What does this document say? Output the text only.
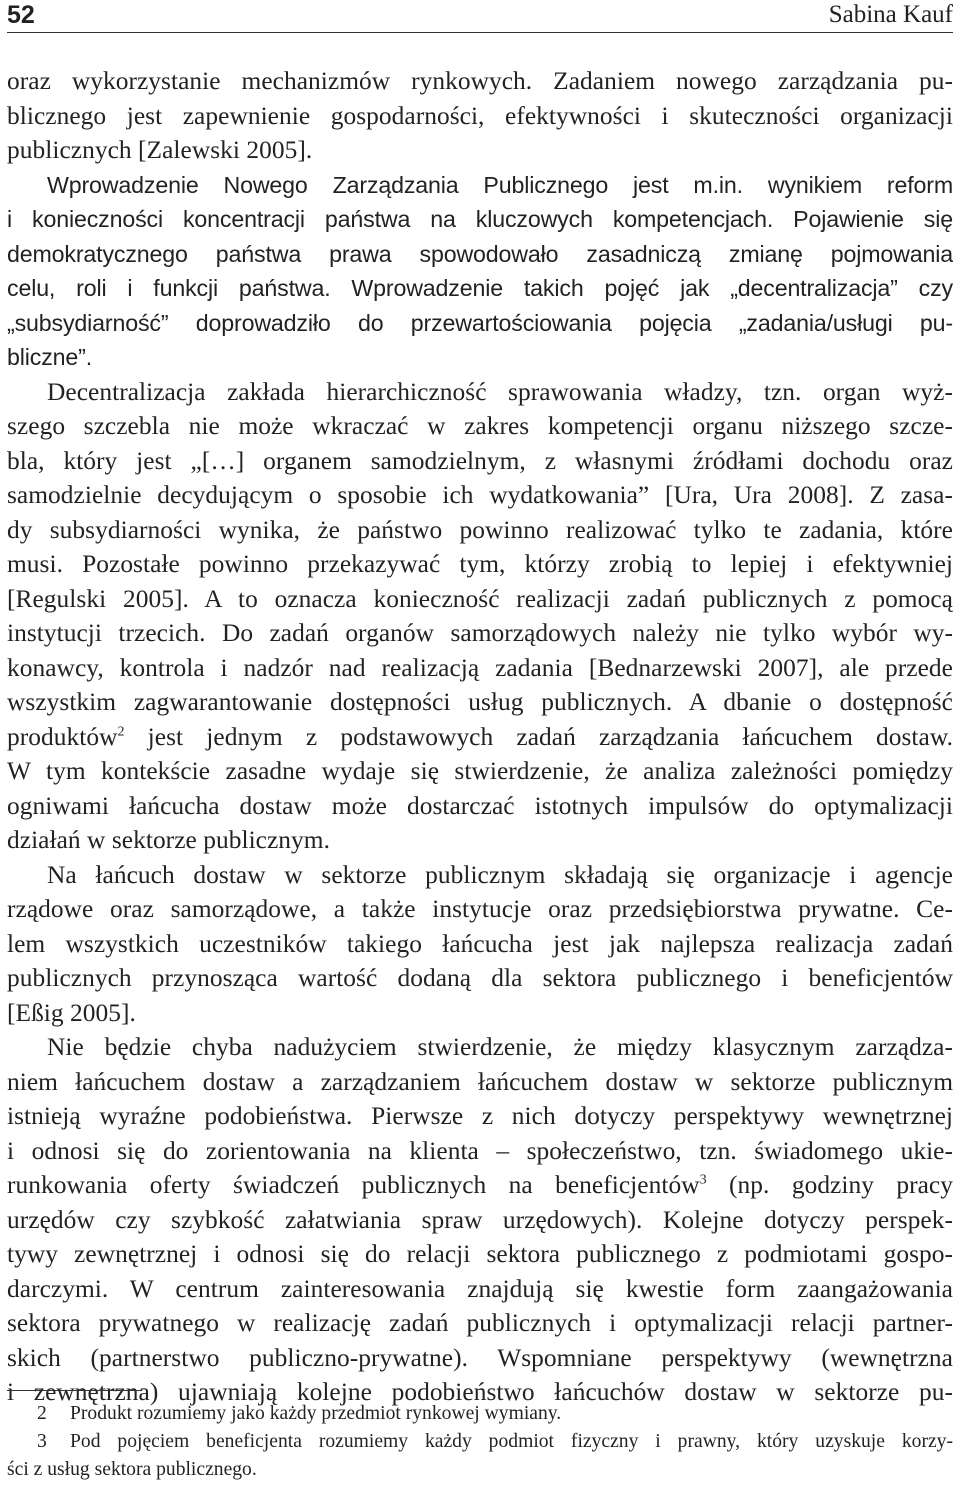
52	Sabina Kauf

oraz wykorzystanie mechanizmów rynkowych. Zadaniem nowego zarządzania pu-

blicznego jest zapewnienie gospodarności, efektywności i skuteczności organizacji

publicznych [Zalewski 2005].

Wprowadzenie Nowego Zarządzania Publicznego jest m.in. wynikiem reform

i konieczności koncentracji państwa na kluczowych kompetencjach. Pojawienie się

demokratycznego państwa prawa spowodowało zasadniczą zmianę pojmowania

celu, roli i funkcji państwa. Wprowadzenie takich pojęć jak „decentralizacja” czy

„subsydiarność” doprowadziło do przewartościowania pojęcia „zadania/usługi pu-

bliczne”.

Decentralizacja zakłada hierarchiczność sprawowania władzy, tzn. organ wyż-

szego szczebla nie może wkraczać w zakres kompetencji organu niższego szcze-

bla, który jest „[…] organem samodzielnym, z własnymi źródłami dochodu oraz

samodzielnie decydującym o sposobie ich wydatkowania” [Ura, Ura 2008]. Z zasa-

dy subsydiarności wynika, że państwo powinno realizować tylko te zadania, które

musi. Pozostałe powinno przekazywać tym, którzy zrobią to lepiej i efektywniej

[Regulski 2005]. A to oznacza konieczność realizacji zadań publicznych z pomocą

instytucji trzecich. Do zadań organów samorządowych należy nie tylko wybór wy-

konawcy, kontrola i nadzór nad realizacją zadania [Bednarzewski 2007], ale przede

wszystkim zagwarantowanie dostępności usług publicznych. A dbanie o dostępność

produktów$^2$ jest jednym z podstawowych zadań zarządzania łańcuchem dostaw.

W tym kontekście zasadne wydaje się stwierdzenie, że analiza zależności pomiędzy

ogniwami łańcucha dostaw może dostarczać istotnych impulsów do optymalizacji

działań w sektorze publicznym.

Na łańcuch dostaw w sektorze publicznym składają się organizacje i agencje

rządowe oraz samorządowe, a także instytucje oraz przedsiębiorstwa prywatne. Ce-

lem wszystkich uczestników takiego łańcucha jest jak najlepsza realizacja zadań

publicznych przynosząca wartość dodaną dla sektora publicznego i beneficjentów

[Eßig 2005].

Nie będzie chyba nadużyciem stwierdzenie, że między klasycznym zarządza-

niem łańcuchem dostaw a zarządzaniem łańcuchem dostaw w sektorze publicznym

istnieją wyraźne podobieństwa. Pierwsze z nich dotyczy perspektywy wewnętrznej

i odnosi się do zorientowania na klienta – społeczeństwo, tzn. świadomego ukie-

runkowania oferty świadczeń publicznych na beneficjentów$^3$ (np. godziny pracy

urzędów czy szybkość załatwiania spraw urzędowych). Kolejne dotyczy perspek-

tywy zewnętrznej i odnosi się do relacji sektora publicznego z podmiotami gospo-

darczymi. W centrum zainteresowania znajdują się kwestie form zaangażowania

sektora prywatnego w realizację zadań publicznych i optymalizacji relacji partner-

skich (partnerstwo publiczno-prywatne). Wspomniane perspektywy (wewnętrzna

i zewnętrzna) ujawniają kolejne podobieństwo łańcuchów dostaw w sektorze pu-

2 Produkt rozumiemy jako każdy przedmiot rynkowej wymiany.

3 Pod pojęciem beneficjenta rozumiemy każdy podmiot fizyczny i prawny, który uzyskuje korzy-

ści z usług sektora publicznego.
